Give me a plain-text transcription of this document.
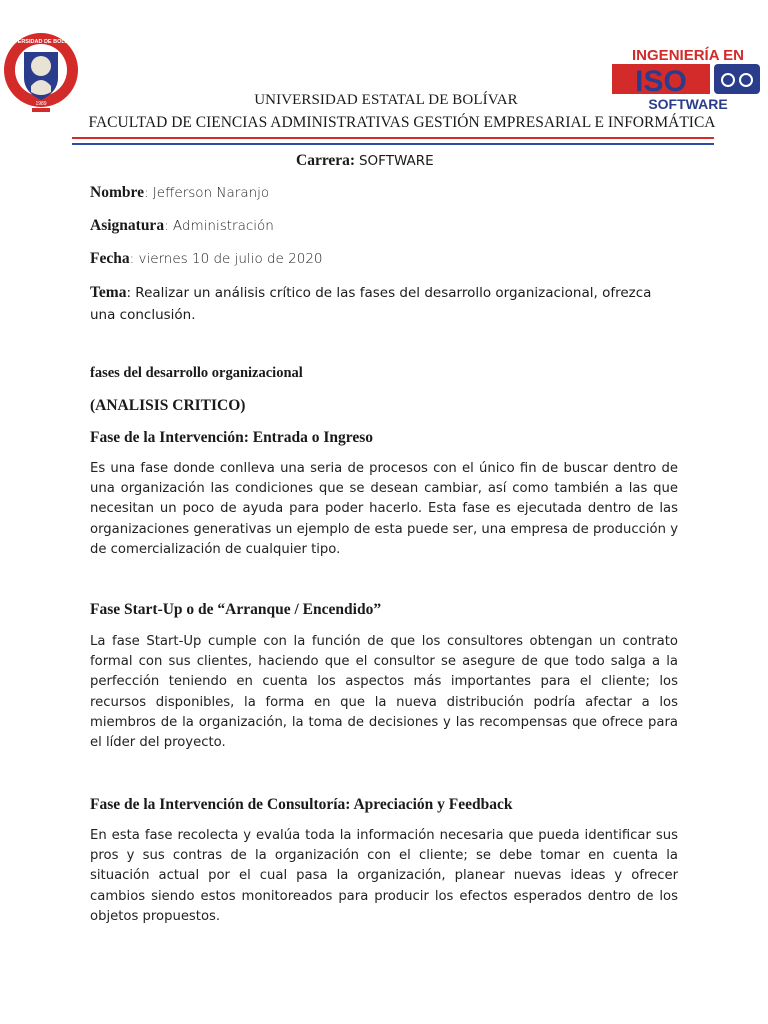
UNIVERSIDAD DE BOLÍVAR
1989
INGENIERÍA EN
ISO
SOFTWARE
UNIVERSIDAD ESTATAL DE BOLÍVAR
FACULTAD DE CIENCIAS ADMINISTRATIVAS GESTIÓN EMPRESARIAL E INFORMÁTICA
Carrera: SOFTWARE
Nombre: Jefferson Naranjo
Asignatura: Administración
Fecha: viernes 10 de julio de 2020
Tema: Realizar un análisis crítico de las fases del desarrollo organizacional, ofrezca una conclusión.
fases del desarrollo organizacional
(ANALISIS CRITICO)
Fase de la Intervención: Entrada o Ingreso
Es una fase donde conlleva una seria de procesos con el único fin de buscar dentro de una organización las condiciones que se desean cambiar, así como también a las que necesitan un poco de ayuda para poder hacerlo. Esta fase es ejecutada dentro de las organizaciones generativas un ejemplo de esta puede ser, una empresa de producción y de comercialización de cualquier tipo.
Fase Start-Up o de “Arranque / Encendido”
La fase Start-Up cumple con la función de que los consultores obtengan un contrato formal con sus clientes, haciendo que el consultor se asegure de que todo salga a la perfección teniendo en cuenta los aspectos más importantes para el cliente; los recursos disponibles, la forma en que la nueva distribución podría afectar a los miembros de la organización, la toma de decisiones y las recompensas que ofrece para el líder del proyecto.
Fase de la Intervención de Consultoría: Apreciación y Feedback
En esta fase recolecta y evalúa toda la información necesaria que pueda identificar sus pros y sus contras de la organización con el cliente; se debe tomar en cuenta la situación actual por el cual pasa la organización, planear nuevas ideas y ofrecer cambios siendo estos monitoreados para producir los efectos esperados dentro de los objetos propuestos.
